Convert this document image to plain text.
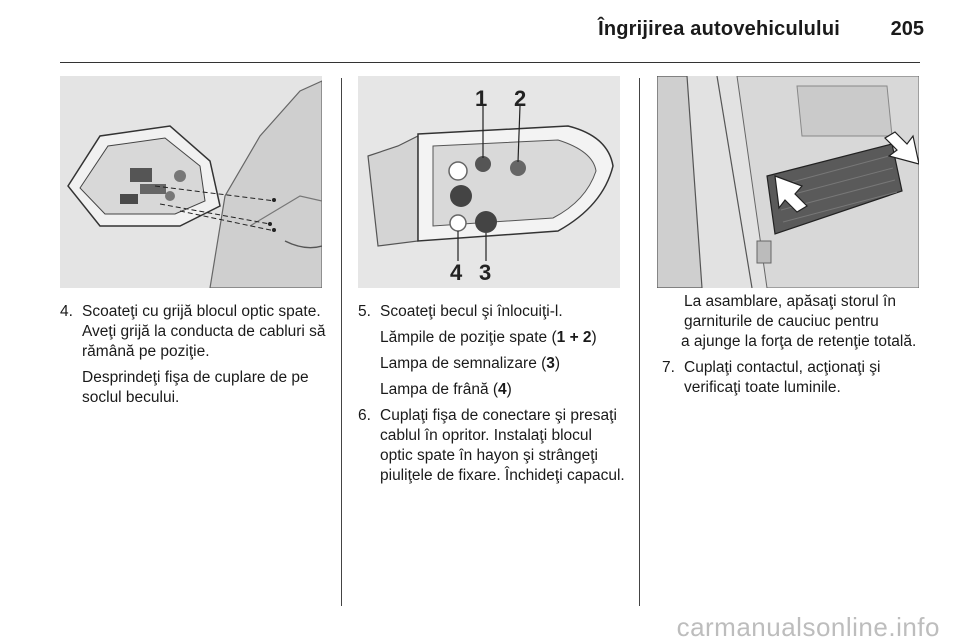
Îngrijirea autovehiculului	205
1 2
4 3
4. Scoateţi cu grijă blocul optic spate. Aveţi grijă la conducta de cabluri să rămână pe poziţie.
Desprindeţi fişa de cuplare de pe soclul becului.
5. Scoateţi becul şi înlocuiţi-l.
Lămpile de poziţie spate (1 + 2)
Lampa de semnalizare (3)
Lampa de frână (4)
6. Cuplaţi fişa de conectare şi presaţi cablul în opritor. Instalaţi blocul optic spate în hayon şi strângeţi piuliţele de fixare. Închideţi capacul.
La asamblare, apăsaţi storul în
garniturile de cauciuc pentru
a ajunge la forţa de retenţie totală.
7. Cuplaţi contactul, acţionaţi şi verificaţi toate luminile.
carmanualsonline.info
